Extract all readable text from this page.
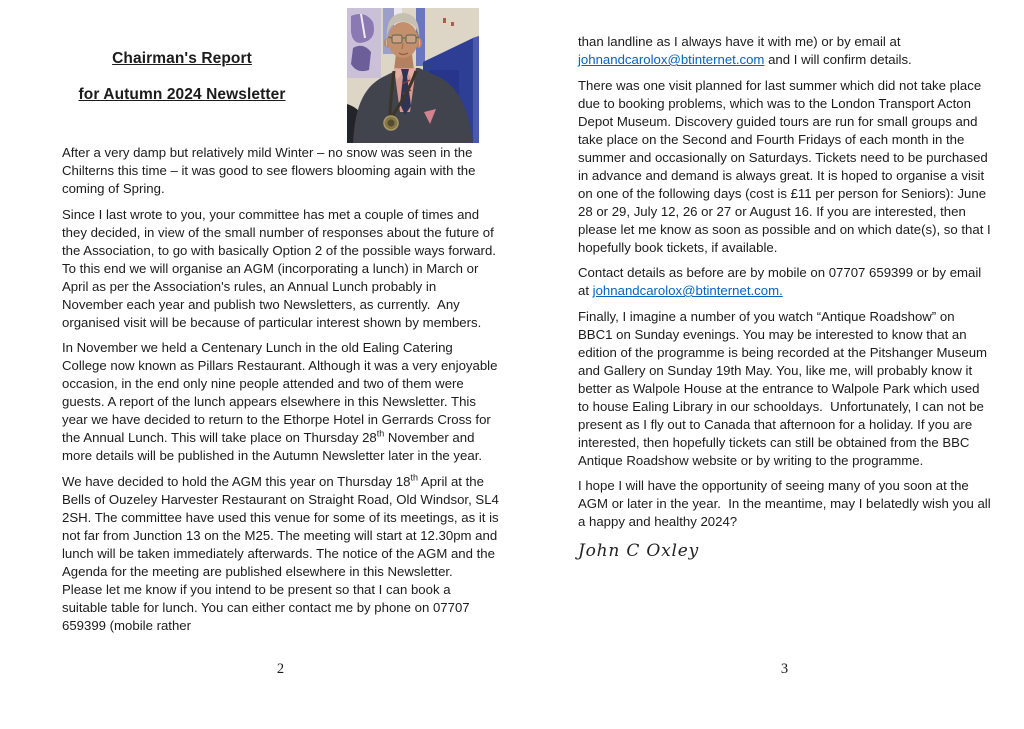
Chairman's Report
for Autumn 2024 Newsletter

After a very damp but relatively mild Winter – no snow was seen in the Chilterns this time – it was good to see flowers blooming again with the coming of Spring.

Since I last wrote to you, your committee has met a couple of times and they decided, in view of the small number of responses about the future of the Association, to go with basically Option 2 of the possible ways forward. To this end we will organise an AGM (incorporating a lunch) in March or April as per the Association's rules, an Annual Lunch probably in November each year and publish two Newsletters, as currently.  Any organised visit will be because of particular interest shown by members.

In November we held a Centenary Lunch in the old Ealing Catering College now known as Pillars Restaurant. Although it was a very enjoyable occasion, in the end only nine people attended and two of them were guests. A report of the lunch appears elsewhere in this Newsletter. This year we have decided to return to the Ethorpe Hotel in Gerrards Cross for the Annual Lunch. This will take place on Thursday 28th November and more details will be published in the Autumn Newsletter later in the year.

We have decided to hold the AGM this year on Thursday 18th April at the Bells of Ouzeley Harvester Restaurant on Straight Road, Old Windsor, SL4 2SH. The committee have used this venue for some of its meetings, as it is not far from Junction 13 on the M25. The meeting will start at 12.30pm and lunch will be taken immediately afterwards. The notice of the AGM and the Agenda for the meeting are published elsewhere in this Newsletter.  Please let me know if you intend to be present so that I can book a suitable table for lunch. You can either contact me by phone on 07707 659399 (mobile rather

2

than landline as I always have it with me) or by email at johnandcarolox@btinternet.com and I will confirm details.

There was one visit planned for last summer which did not take place due to booking problems, which was to the London Transport Acton Depot Museum. Discovery guided tours are run for small groups and take place on the Second and Fourth Fridays of each month in the summer and occasionally on Saturdays. Tickets need to be purchased in advance and demand is always great. It is hoped to organise a visit on one of the following days (cost is £11 per person for Seniors): June 28 or 29, July 12, 26 or 27 or August 16. If you are interested, then please let me know as soon as possible and on which date(s), so that I hopefully book tickets, if available.

Contact details as before are by mobile on 07707 659399 or by email at johnandcarolox@btinternet.com.

Finally, I imagine a number of you watch “Antique Roadshow” on BBC1 on Sunday evenings. You may be interested to know that an edition of the programme is being recorded at the Pitshanger Museum and Gallery on Sunday 19th May. You, like me, will probably know it better as Walpole House at the entrance to Walpole Park which used to house Ealing Library in our schooldays.  Unfortunately, I can not be present as I fly out to Canada that afternoon for a holiday. If you are interested, then hopefully tickets can still be obtained from the BBC Antique Roadshow website or by writing to the programme.

I hope I will have the opportunity of seeing many of you soon at the AGM or later in the year.  In the meantime, may I belatedly wish you all a happy and healthy 2024?

John C Oxley
3
